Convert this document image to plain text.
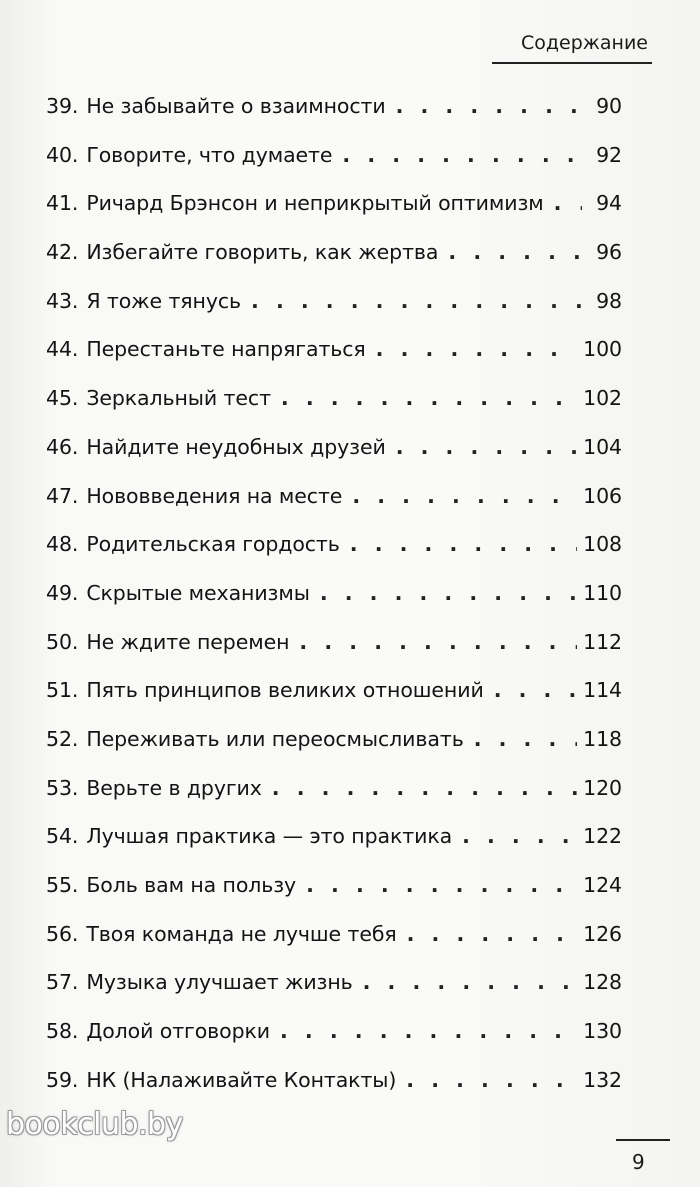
Содержание
39. Не забывайте о взаимности . . .	90
40. Говорите, что думаете . . .	92
41. Ричард Брэнсон и неприкрытый оптимизм . . .	94
42. Избегайте говорить, как жертва . . .	96
43. Я тоже тянусь . . .	98
44. Перестаньте напрягаться . . .	100
45. Зеркальный тест . . .	102
46. Найдите неудобных друзей . . .	104
47. Нововведения на месте . . .	106
48. Родительская гордость . . .	108
49. Скрытые механизмы . . .	110
50. Не ждите перемен . . .	112
51. Пять принципов великих отношений . . .	114
52. Переживать или переосмысливать . . .	118
53. Верьте в других . . .	120
54. Лучшая практика — это практика . . .	122
55. Боль вам на пользу . . .	124
56. Твоя команда не лучше тебя . . .	126
57. Музыка улучшает жизнь . . .	128
58. Долой отговорки . . .	130
59. НК (Налаживайте Контакты) . . .	132
9
bookclub.by
